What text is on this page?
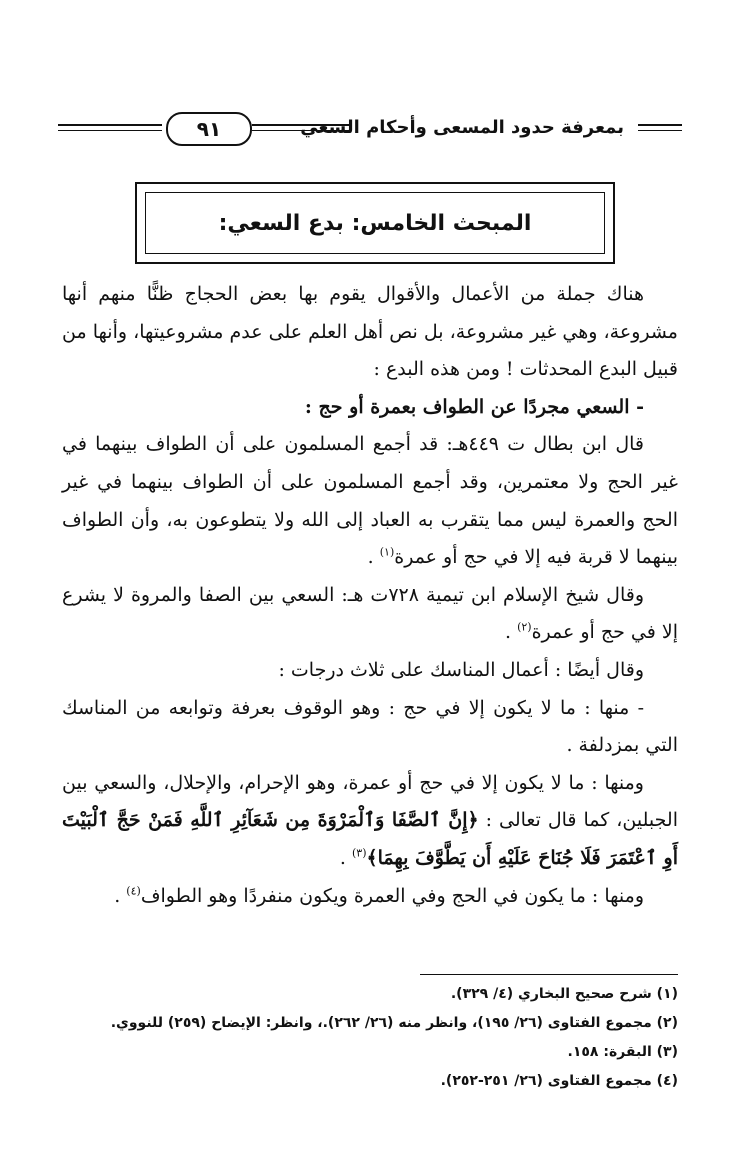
٩١	بمعرفة حدود المسعى وأحكام السعي
المبحث الخامس: بدع السعي:

هناك جملة من الأعمال والأقوال يقوم بها بعض الحجاج ظنًّا منهم أنها مشروعة، وهي غير مشروعة، بل نص أهل العلم على عدم مشروعيتها، وأنها من قبيل البدع المحدثات ! ومن هذه البدع :

- السعي مجردًا عن الطواف بعمرة أو حج :

قال ابن بطال ت ٤٤٩هـ: قد أجمع المسلمون على أن الطواف بينهما في غير الحج ولا معتمرين، وقد أجمع المسلمون على أن الطواف بينهما في غير الحج والعمرة ليس مما يتقرب به العباد إلى الله ولا يتطوعون به، وأن الطواف بينهما لا قربة فيه إلا في حج أو عمرة$^{(١)}$ .

وقال شيخ الإسلام ابن تيمية ٧٢٨ت هـ: السعي بين الصفا والمروة لا يشرع إلا في حج أو عمرة$^{(٢)}$ .

وقال أيضًا : أعمال المناسك على ثلاث درجات :

- منها : ما لا يكون إلا في حج : وهو الوقوف بعرفة وتوابعه من المناسك التي بمزدلفة .

ومنها : ما لا يكون إلا في حج أو عمرة، وهو الإحرام، والإحلال، والسعي بين الجبلين، كما قال تعالى : ﴿إِنَّ ٱلصَّفَا وَٱلْمَرْوَةَ مِن شَعَآئِرِ ٱللَّهِ فَمَنْ حَجَّ ٱلْبَيْتَ أَوِ ٱعْتَمَرَ فَلَا جُنَاحَ عَلَيْهِ أَن يَطَّوَّفَ بِهِمَا﴾$^{(٣)}$ .

ومنها : ما يكون في الحج وفي العمرة ويكون منفردًا وهو الطواف$^{(٤)}$ .

(١) شرح صحيح البخاري (٤/ ٣٢٩).
(٢) مجموع الفتاوى (٢٦/ ١٩٥)، وانظر منه (٢٦/ ٢٦٢).، وانظر: الإيضاح (٢٥٩) للنووي.
(٣) البقرة: ١٥٨.
(٤) مجموع الفتاوى (٢٦/ ٢٥١-٢٥٢).
